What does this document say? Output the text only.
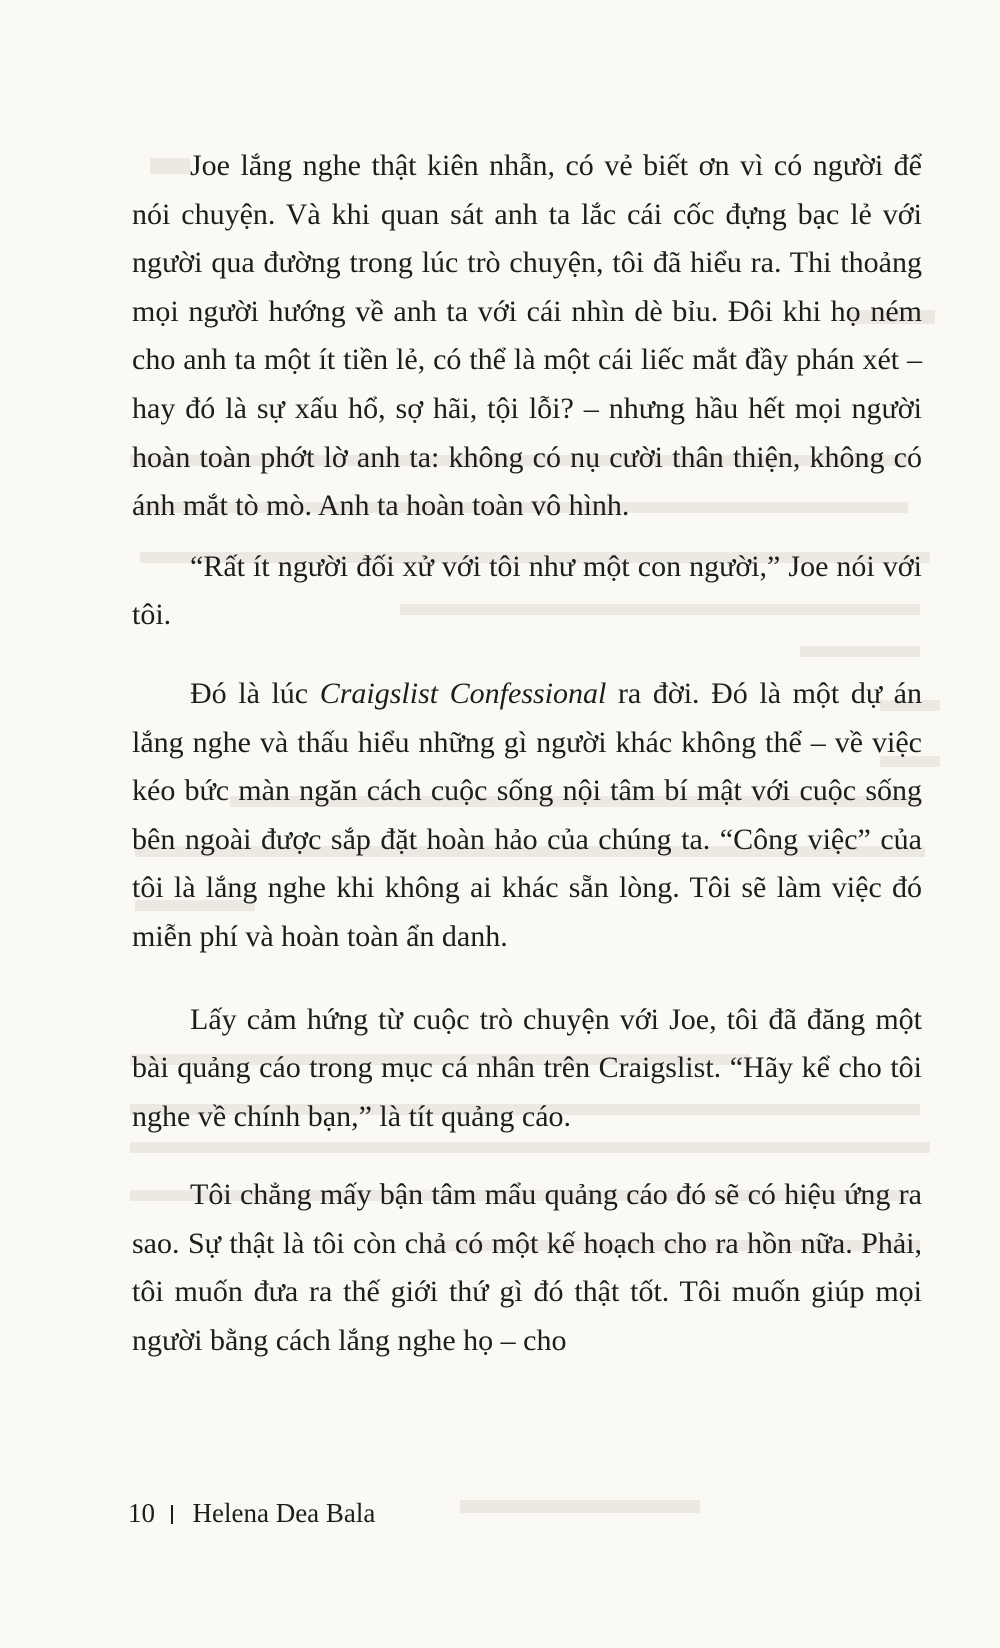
Joe lắng nghe thật kiên nhẫn, có vẻ biết ơn vì có người để nói chuyện. Và khi quan sát anh ta lắc cái cốc đựng bạc lẻ với người qua đường trong lúc trò chuyện, tôi đã hiểu ra. Thi thoảng mọi người hướng về anh ta với cái nhìn dè bỉu. Đôi khi họ ném cho anh ta một ít tiền lẻ, có thể là một cái liếc mắt đầy phán xét – hay đó là sự xấu hổ, sợ hãi, tội lỗi? – nhưng hầu hết mọi người hoàn toàn phớt lờ anh ta: không có nụ cười thân thiện, không có ánh mắt tò mò. Anh ta hoàn toàn vô hình.

“Rất ít người đối xử với tôi như một con người,” Joe nói với tôi.

Đó là lúc Craigslist Confessional ra đời. Đó là một dự án lắng nghe và thấu hiểu những gì người khác không thể – về việc kéo bức màn ngăn cách cuộc sống nội tâm bí mật với cuộc sống bên ngoài được sắp đặt hoàn hảo của chúng ta. “Công việc” của tôi là lắng nghe khi không ai khác sẵn lòng. Tôi sẽ làm việc đó miễn phí và hoàn toàn ẩn danh.

Lấy cảm hứng từ cuộc trò chuyện với Joe, tôi đã đăng một bài quảng cáo trong mục cá nhân trên Craigslist. “Hãy kể cho tôi nghe về chính bạn,” là tít quảng cáo.

Tôi chẳng mấy bận tâm mẩu quảng cáo đó sẽ có hiệu ứng ra sao. Sự thật là tôi còn chả có một kế hoạch cho ra hồn nữa. Phải, tôi muốn đưa ra thế giới thứ gì đó thật tốt. Tôi muốn giúp mọi người bằng cách lắng nghe họ – cho

10 Helena Dea Bala
